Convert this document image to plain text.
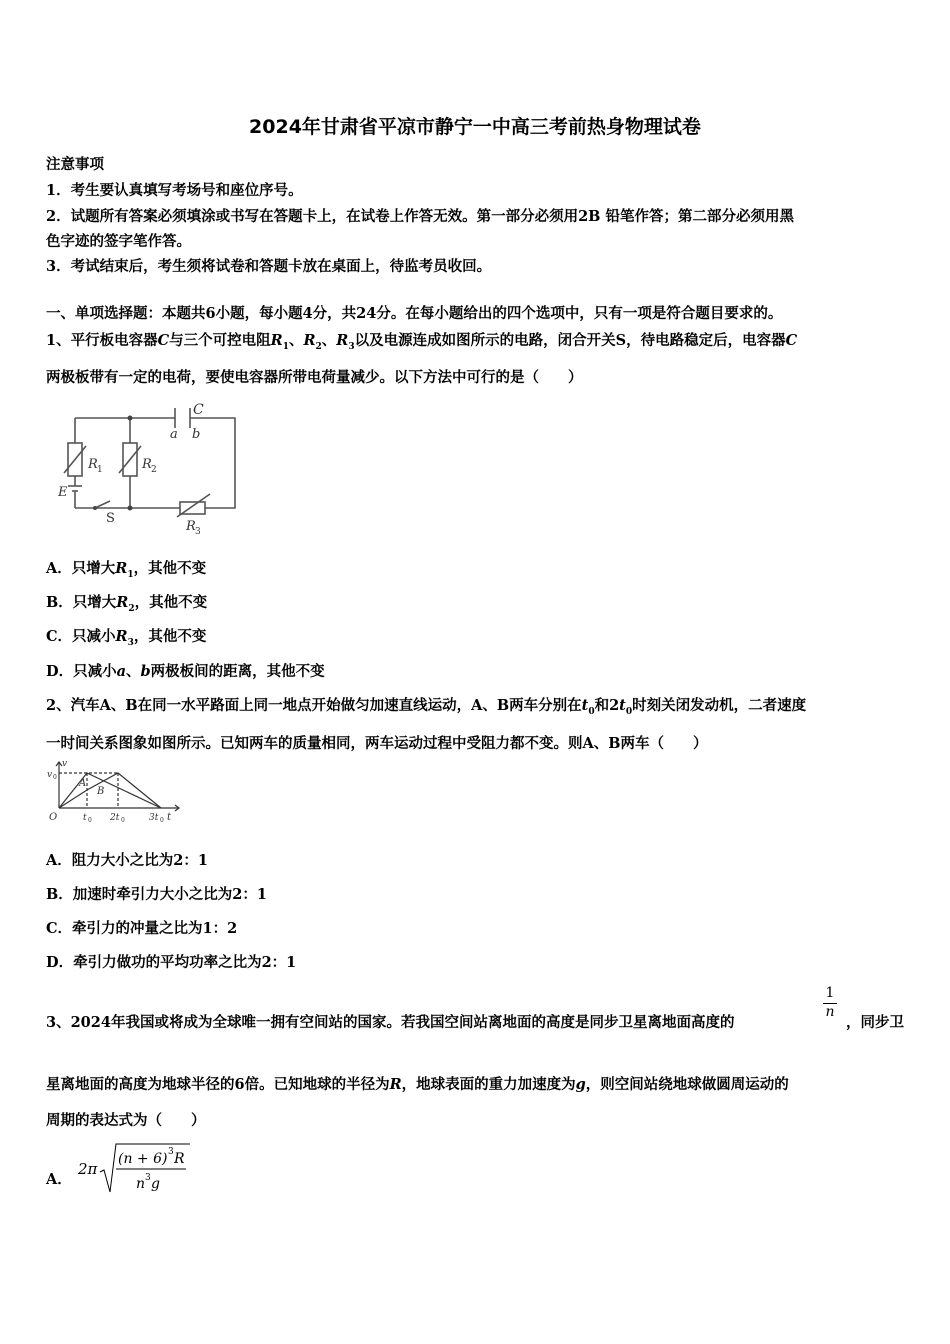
2024年甘肃省平凉市静宁一中高三考前热身物理试卷
注意事项
1．考生要认真填写考场号和座位序号。
2．试题所有答案必须填涂或书写在答题卡上，在试卷上作答无效。第一部分必须用2B 铅笔作答；第二部分必须用黑
色字迹的签字笔作答。
3．考试结束后，考生须将试卷和答题卡放在桌面上，待监考员收回。
一、单项选择题：本题共6小题，每小题4分，共24分。在每小题给出的四个选项中，只有一项是符合题目要求的。
1、平行板电容器C与三个可控电阻$R_1$、$R_2$、$R_3$以及电源连成如图所示的电路，闭合开关S，待电路稳定后，电容器C
两极板带有一定的电荷，要使电容器所带电荷量减少。以下方法中可行的是（　　）
C
a b
R 1	R 2
E
S
R 3
A．只增大$R_1$，其他不变
B．只增大$R_2$，其他不变
C．只减小$R_3$，其他不变
D．只减小a、b两极板间的距离，其他不变
2、汽车A、B在同一水平路面上同一地点开始做匀加速直线运动，A、B两车分别在$t_0$和$2t_0$时刻关闭发动机，二者速度
一时间关系图象如图所示。已知两车的质量相同，两车运动过程中受阻力都不变。则A、B两车（　　）
v 0
v
A
B
O	t 0 2t 0	3t 0 t
A．阻力大小之比为2：1
B．加速时牵引力大小之比为2：1
C．牵引力的冲量之比为1：2
D．牵引力做功的平均功率之比为2：1
3、2024年我国或将成为全球唯一拥有空间站的国家。若我国空间站离地面的高度是同步卫星离地面高度的
$\frac{1}{n}$
，同步卫
星离地面的高度为地球半径的6倍。已知地球的半径为R，地球表面的重力加速度为g，则空间站绕地球做圆周运动的
周期的表达式为（　　）
A．
2π
(n + 6) 3 R
n 3 g
